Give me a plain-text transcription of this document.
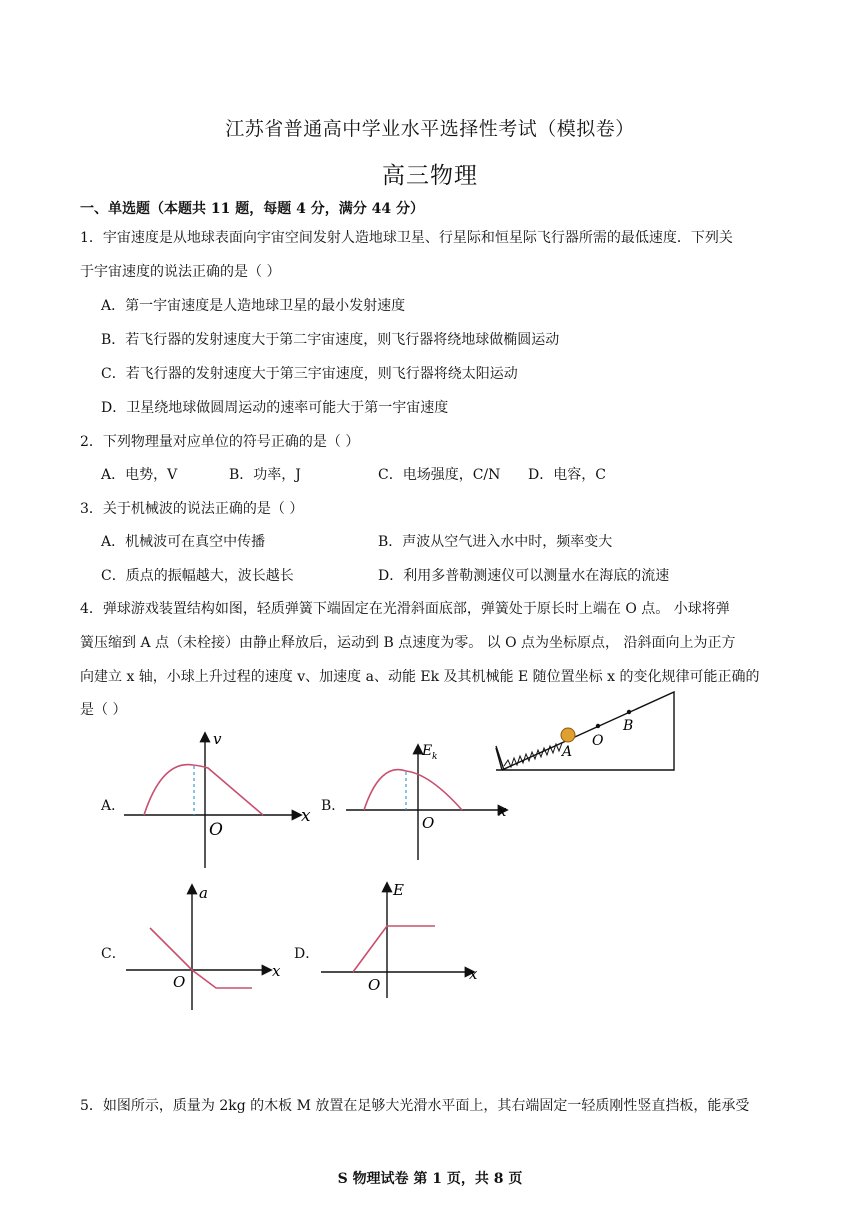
江苏省普通高中学业水平选择性考试（模拟卷）
高三物理
一、单选题（本题共 11 题，每题 4 分，满分 44 分）
1．宇宙速度是从地球表面向宇宙空间发射人造地球卫星、行星际和恒星际飞行器所需的最低速度．下列关
于宇宙速度的说法正确的是（ ）
A．第一宇宙速度是人造地球卫星的最小发射速度
B．若飞行器的发射速度大于第二宇宙速度，则飞行器将绕地球做椭圆运动
C．若飞行器的发射速度大于第三宇宙速度，则飞行器将绕太阳运动
D．卫星绕地球做圆周运动的速率可能大于第一宇宙速度
2．下列物理量对应单位的符号正确的是（ ）
A．电势，V	B．功率，J	C．电场强度，C/N D．电容，C
3．关于机械波的说法正确的是（ ）
A．机械波可在真空中传播	B．声波从空气进入水中时，频率变大
C．质点的振幅越大，波长越长	D．利用多普勒测速仪可以测量水在海底的流速
4．弹球游戏装置结构如图，轻质弹簧下端固定在光滑斜面底部，弹簧处于原长时上端在 O 点。 小球将弹
簧压缩到 A 点（未栓接）由静止释放后，运动到 B 点速度为零。 以 O 点为坐标原点， 沿斜面向上为正方
向建立 x 轴，小球上升过程的速度 v、加速度 a、动能 Ek 及其机械能 E 随位置坐标 x 的变化规律可能正确的
是（ ）
A
O
B
A．
v
x
O
B．
E k
x
O
C．
a
x
O
D．
E
x
O
5．如图所示，质量为 2kg 的木板 M 放置在足够大光滑水平面上，其右端固定一轻质刚性竖直挡板，能承受
S 物理试卷 第 1 页，共 8 页
